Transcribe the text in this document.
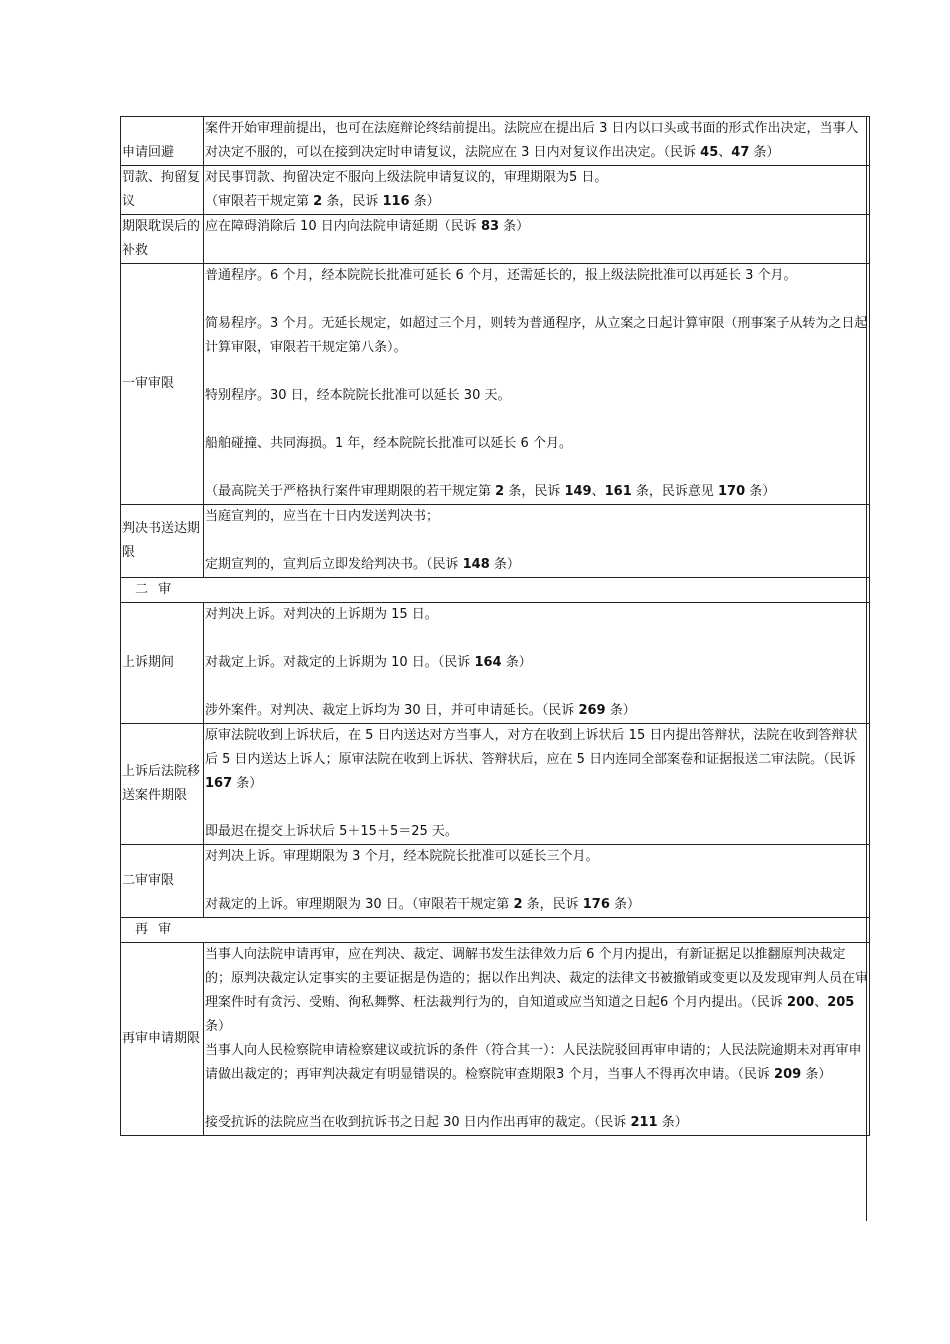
申请回避	案件开始审理前提出，也可在法庭辩论终结前提出。法院应在提出后 3 日内以口头或书面的形式作出决定，当事人对决定不服的，可以在接到决定时申请复议，法院应在 3 日内对复议作出决定。（民诉 45、47 条）

罚款、拘留复议	对民事罚款、拘留决定不服向上级法院申请复议的，审理期限为5 日。

（审限若干规定第 2 条，民诉 116 条）

期限耽误后的补救	应在障碍消除后 10 日内向法院申请延期（民诉 83 条）

一审审限	普通程序。6 个月，经本院院长批准可延长 6 个月，还需延长的，报上级法院批准可以再延长 3 个月。

简易程序。3 个月。无延长规定，如超过三个月，则转为普通程序，从立案之日起计算审限（刑事案子从转为之日起计算审限，审限若干规定第八条）。

特别程序。30 日，经本院院长批准可以延长 30 天。

船舶碰撞、共同海损。1 年，经本院院长批准可以延长 6 个月。

（最高院关于严格执行案件审理期限的若干规定第 2 条，民诉 149、161 条，民诉意见 170 条）

判决书送达期限	当庭宣判的，应当在十日内发送判决书；

定期宣判的，宣判后立即发给判决书。（民诉 148 条）

二 审	
上诉期间	对判决上诉。对判决的上诉期为 15 日。

对裁定上诉。对裁定的上诉期为 10 日。（民诉 164 条）

涉外案件。对判决、裁定上诉均为 30 日，并可申请延长。（民诉 269 条）

上诉后法院移送案件期限	原审法院收到上诉状后，在 5 日内送达对方当事人，对方在收到上诉状后 15 日内提出答辩状，法院在收到答辩状后 5 日内送达上诉人；原审法院在收到上诉状、答辩状后，应在 5 日内连同全部案卷和证据报送二审法院。（民诉 167 条）

即最迟在提交上诉状后 5＋15＋5＝25 天。

二审审限	对判决上诉。审理期限为 3 个月，经本院院长批准可以延长三个月。

对裁定的上诉。审理期限为 30 日。（审限若干规定第 2 条，民诉 176 条）

再 审	
再审申请期限	当事人向法院申请再审，应在判决、裁定、调解书发生法律效力后 6 个月内提出，有新证据足以推翻原判决裁定的；原判决裁定认定事实的主要证据是伪造的；据以作出判决、裁定的法律文书被撤销或变更以及发现审判人员在审理案件时有贪污、受贿、徇私舞弊、枉法裁判行为的，自知道或应当知道之日起6 个月内提出。（民诉 200、205 条）

当事人向人民检察院申请检察建议或抗诉的条件（符合其一）：人民法院驳回再审申请的；人民法院逾期未对再审申请做出裁定的；再审判决裁定有明显错误的。检察院审查期限3 个月，当事人不得再次申请。（民诉 209 条）

接受抗诉的法院应当在收到抗诉书之日起 30 日内作出再审的裁定。（民诉 211 条）
